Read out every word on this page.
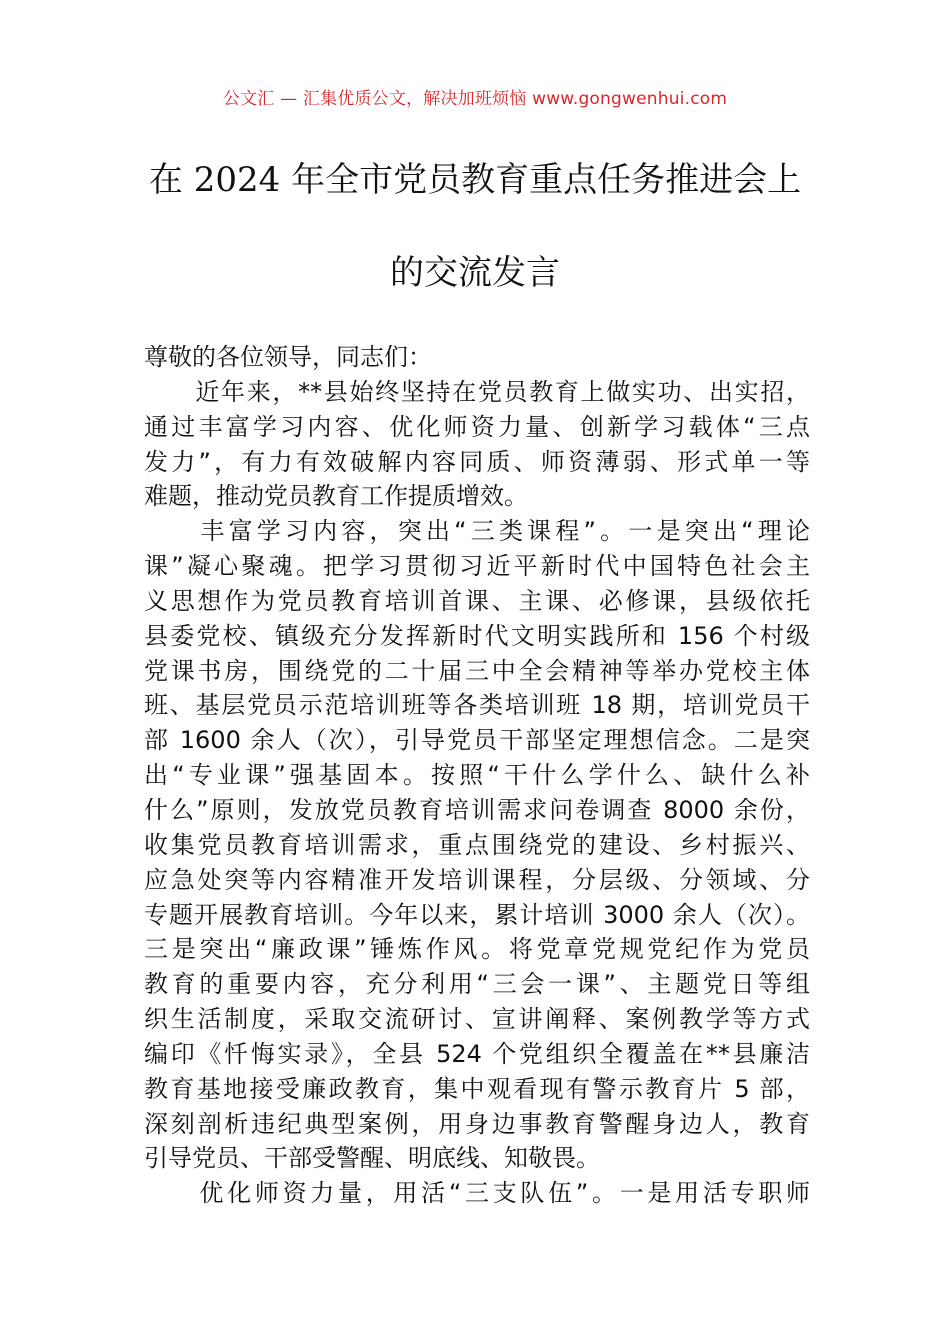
公文汇 — 汇集优质公文，解决加班烦恼 www.gongwenhui.com
在 2024 年全市党员教育重点任务推进会上
的交流发言
尊敬的各位领导，同志们：
　　近年来，**县始终坚持在党员教育上做实功、出实招，
通过丰富学习内容、优化师资力量、创新学习载体“三点
发力”，有力有效破解内容同质、师资薄弱、形式单一等
难题，推动党员教育工作提质增效。
　　丰富学习内容，突出“三类课程”。一是突出“理论
课”凝心聚魂。把学习贯彻习近平新时代中国特色社会主
义思想作为党员教育培训首课、主课、必修课，县级依托
县委党校、镇级充分发挥新时代文明实践所和 156 个村级
党课书房，围绕党的二十届三中全会精神等举办党校主体
班、基层党员示范培训班等各类培训班 18 期，培训党员干
部 1600 余人（次），引导党员干部坚定理想信念。二是突
出“专业课”强基固本。按照“干什么学什么、缺什么补
什么”原则，发放党员教育培训需求问卷调查 8000 余份，
收集党员教育培训需求，重点围绕党的建设、乡村振兴、
应急处突等内容精准开发培训课程，分层级、分领域、分
专题开展教育培训。今年以来，累计培训 3000 余人（次）。
三是突出“廉政课”锤炼作风。将党章党规党纪作为党员
教育的重要内容，充分利用“三会一课”、主题党日等组
织生活制度，采取交流研讨、宣讲阐释、案例教学等方式
编印《忏悔实录》，全县 524 个党组织全覆盖在**县廉洁
教育基地接受廉政教育，集中观看现有警示教育片 5 部，
深刻剖析违纪典型案例，用身边事教育警醒身边人，教育
引导党员、干部受警醒、明底线、知敬畏。
　　优化师资力量，用活“三支队伍”。一是用活专职师
